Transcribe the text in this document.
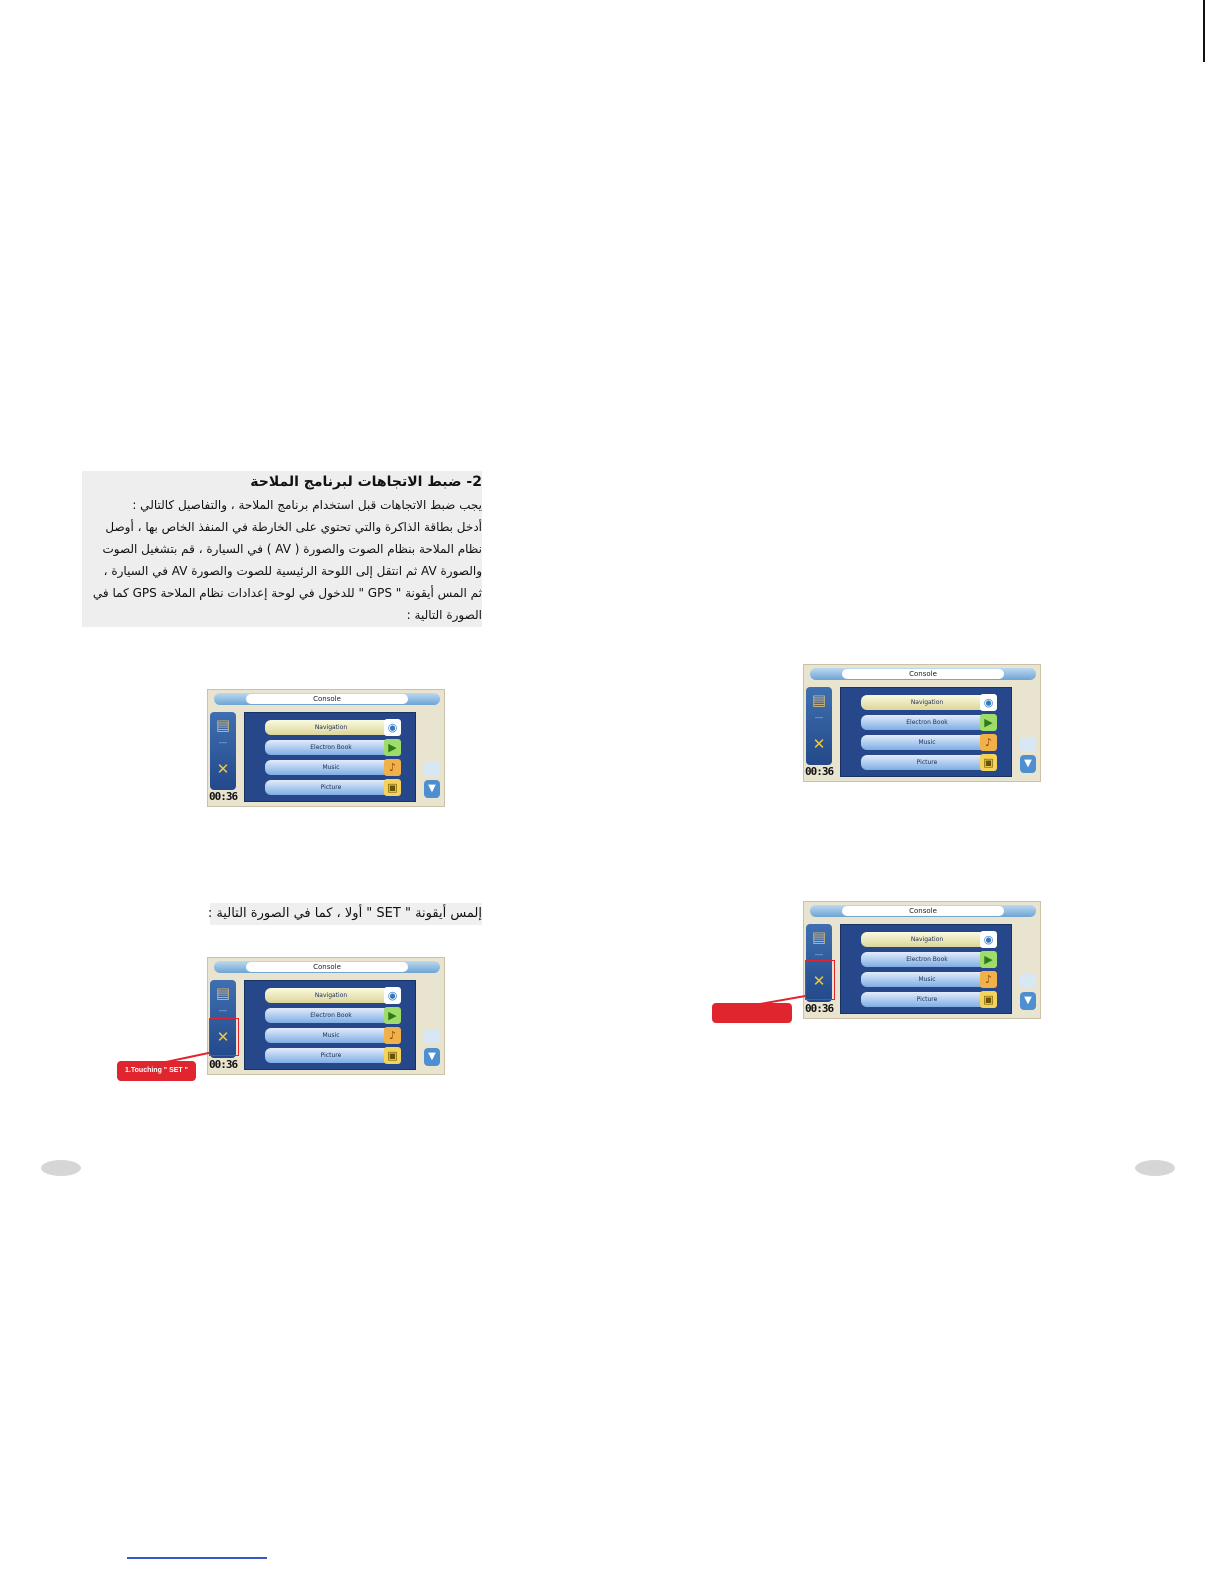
2- ضبط الاتجاهات لبرنامج الملاحة
يجب ضبط الاتجاهات قبل استخدام برنامج الملاحة ، والتفاصيل كالتالي :
أدخل بطاقة الذاكرة والتي تحتوي على الخارطة في المنفذ الخاص بها ، أوصل
نظام الملاحة بنظام الصوت والصورة ( AV ) في السيارة ، قم بتشغيل الصوت
والصورة AV ثم انتقل إلى اللوحة الرئيسية للصوت والصورة AV في السيارة ،
ثم المس أيقونة " GPS " للدخول في لوحة إعدادات نظام الملاحة GPS كما في
الصورة التالية :
Console
▤
―
✕
00:36
Navigation	◉
Electron Book	▶
Music	♪
Picture	▣	▼
إلمس أيقونة " SET " أولا ، كما في الصورة التالية :
Console
▤
―
✕
00:36
Navigation	◉
Electron Book	▶
Music	♪
Picture	▣	▼
1.Touching " SET " icon
Console
▤
―
✕
00:36
Navigation	◉
Electron Book	▶
Music	♪
Picture	▣	▼
Console
▤
―
✕
00:36
Navigation	◉
Electron Book	▶
Music	♪
Picture	▣	▼
